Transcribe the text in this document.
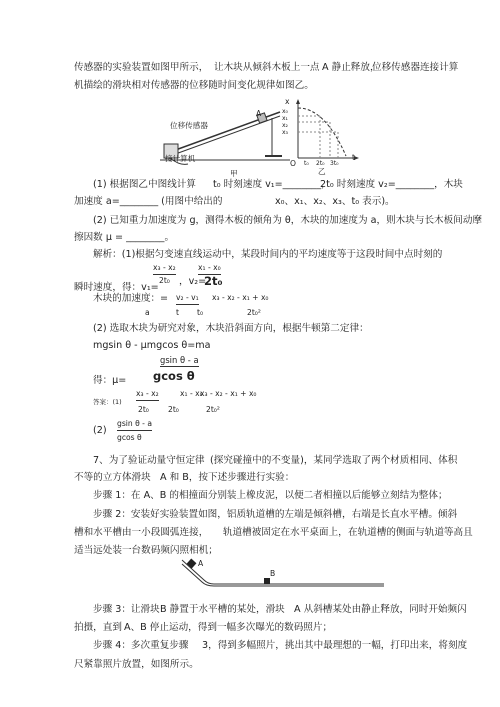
传感器的实验装置如图甲所示， 让木块从倾斜木板上一点 A 静止释放，
位移传感器连接计算
机描绘的滑块相对传感器的位移随时间变化规律如图乙。
位移传感器
接计算机
A
甲
x
x₀
x₁
x₂
x₃
O t₀ 2t₀ 3t₀
t
乙
(1) 根据图乙中图线计算 t₀ 时刻速度 v₁=________，
2t₀ 时刻速度 v₂=________，木块
加速度 a=________ (用图中给出的	x₀、x₁、x₂、x₃、t₀ 表示)。
(2) 已知重力加速度为 g，测得木板的倾角为 θ，木块的加速度为 a，则木块与长木板间动摩
擦因数 μ = ________。
解析：(1)根据匀变速直线运动中，某段时间内的平均速度等于这段时间中点时刻的
x₃ - x₂	x₁ - x₀
瞬时速度，得：v₁=
2t₀ ，v₂=
2t₀
木块的加速度： = v₂ - v₁ x₃ - x₂ - x₁ + x₀
a	t t₀	2t₀²
(2) 选取木块为研究对象，木块沿斜面方向，根据牛顿第二定律：
mgsin θ - μmgcos θ=ma
gsin θ - a
得：μ= gcos θ
答案：(1)
x₃ - x₂	x₁ - x₀
x₃ - x₂ - x₁ + x₀
2t₀	2t₀	2t₀²
(2)
gsin θ - a
gcos θ
7、为了验证动量守恒定律 (探究碰撞中的不变量)，某同学选取了两个材质相同、体积
不等的立方体滑块 A 和 B，按下述步骤进行实验：
步骤 1：在 A、B 的相撞面分别装上橡皮泥，以便二者相撞以后能够立刻结为整体；
步骤 2：安装好实验装置如图，铝质轨道槽的左端是倾斜槽，右端是长直水平槽。倾斜
槽和水平槽由一小段圆弧连接， 轨道槽被固定在水平桌面上， 在轨道槽的侧面与轨道等高且
适当远处装一台数码频闪照相机；
A
B
步骤 3：让滑块 B 静置于水平槽的某处，滑块 A 从斜槽某处由静止释放，同时开始频闪
拍摄，直到 A、B 停止运动，得到一幅多次曝光的数码照片；
步骤 4：多次重复步骤 3，得到多幅照片，挑出其中最理想的一幅，打印出来，将刻度
尺紧靠照片放置，如图所示。
